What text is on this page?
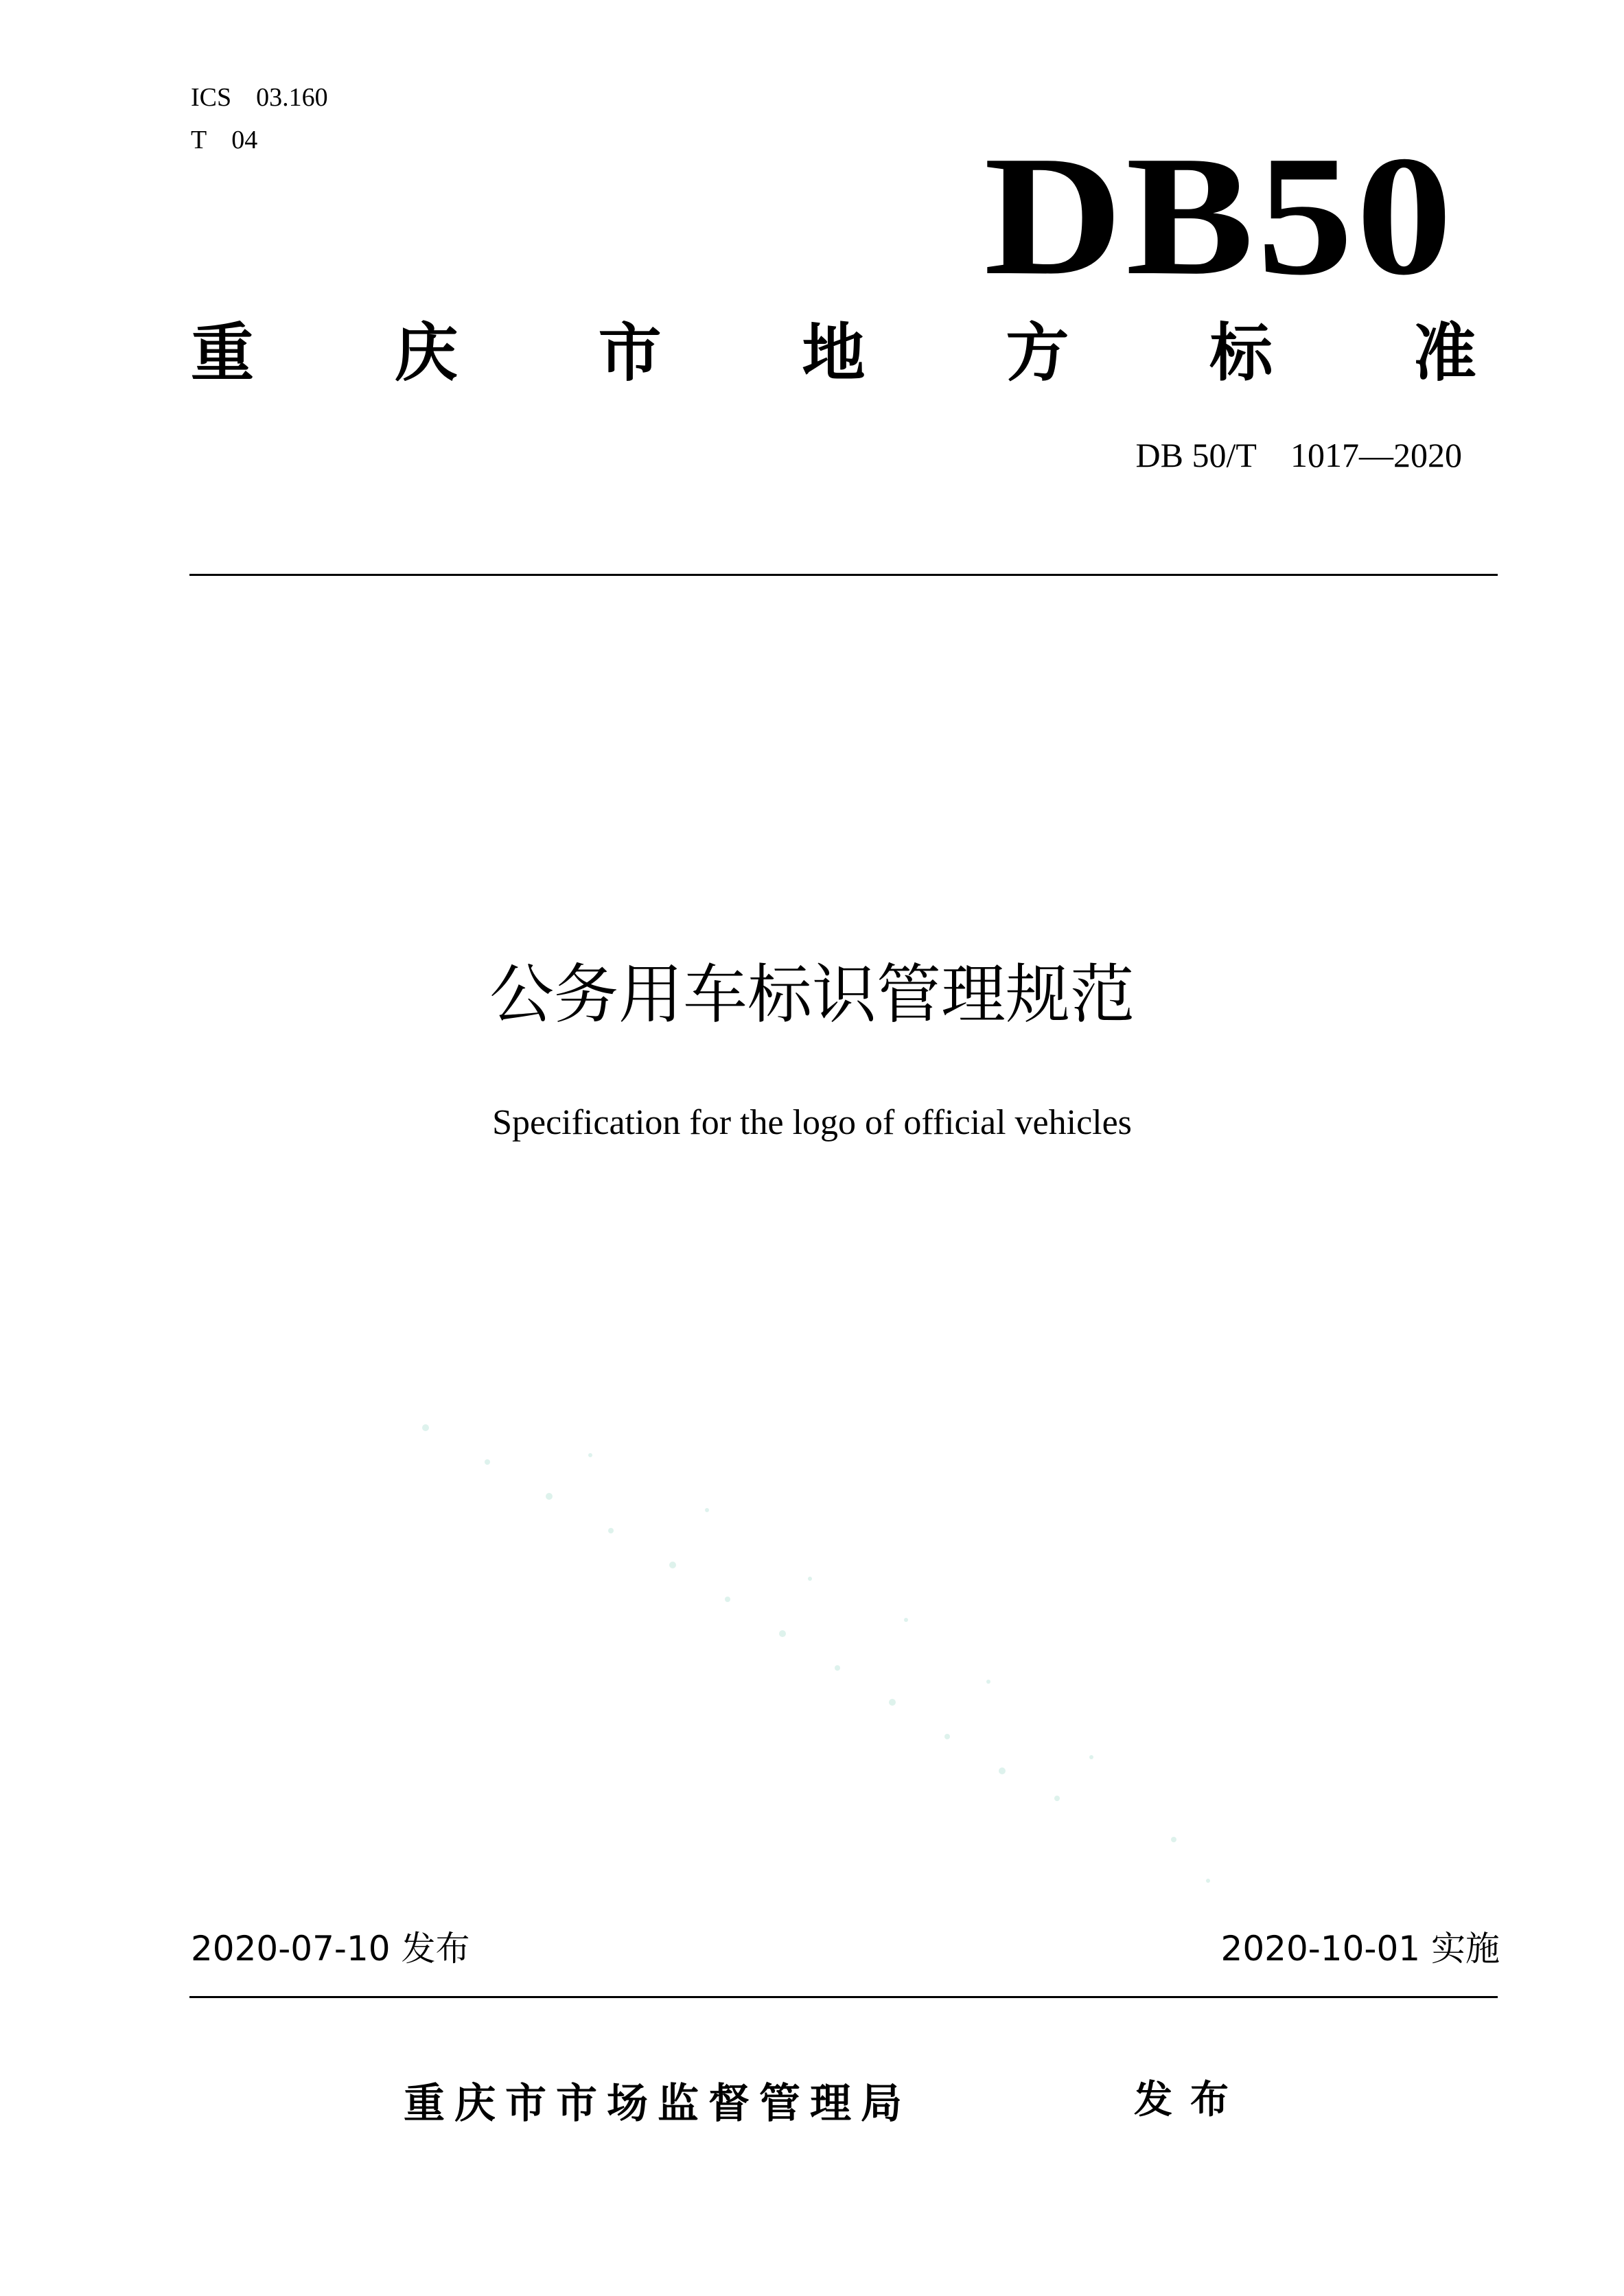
ICS 03.160
T 04	DB50
重 庆 市 地 方 标 准
DB 50/T　1017—2020
公务用车标识管理规范
Specification for the logo of official vehicles
2020-07-10 发布	2020-10-01 实施
重庆市市场监督管理局	发布
